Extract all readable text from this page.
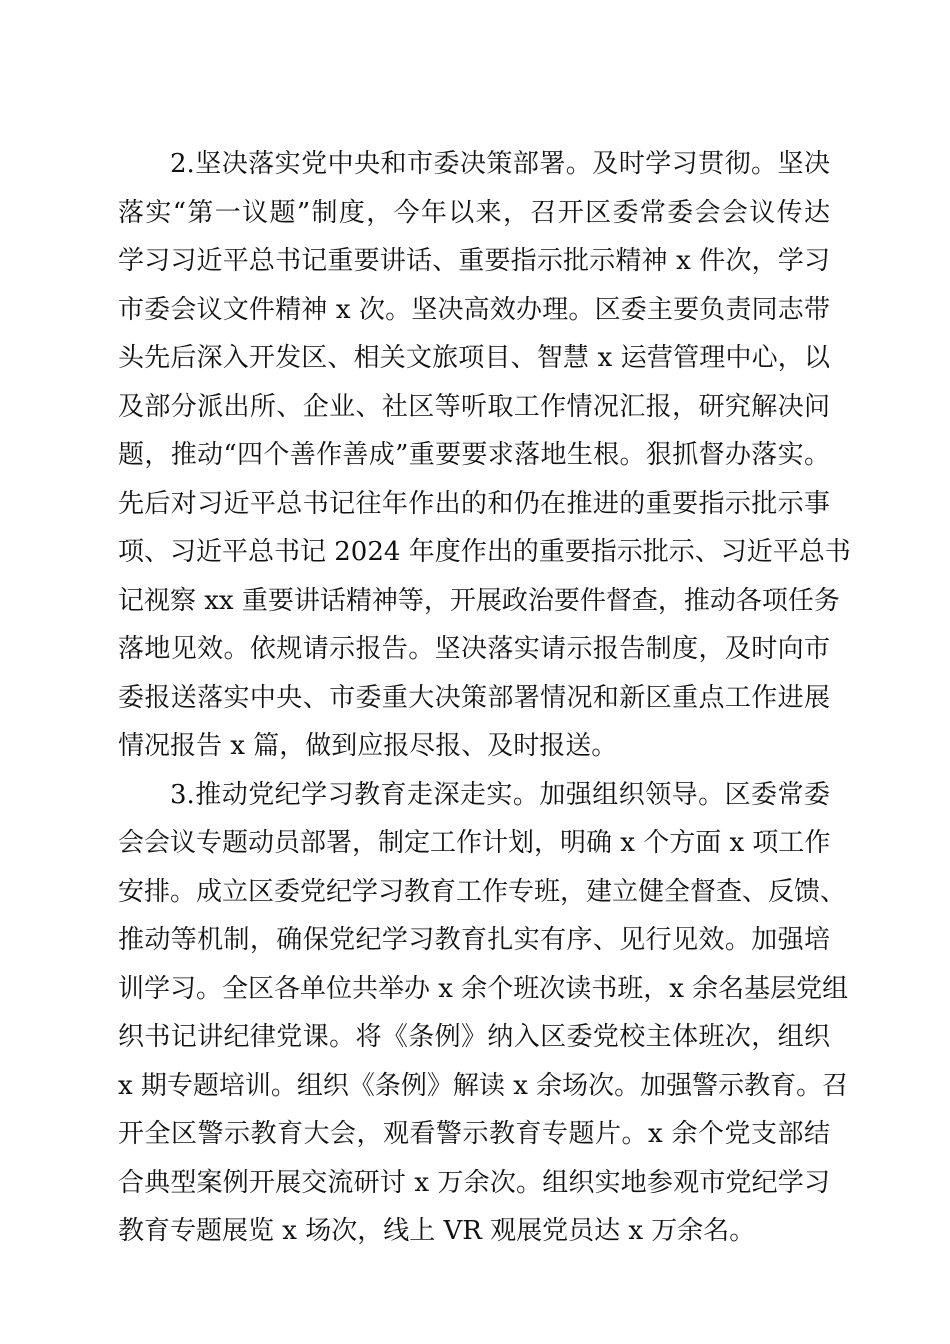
2.坚决落实党中央和市委决策部署。及时学习贯彻。坚决
落实“第一议题”制度，今年以来，召开区委常委会会议传达
学习习近平总书记重要讲话、重要指示批示精神 x 件次，学习
市委会议文件精神 x 次。坚决高效办理。区委主要负责同志带
头先后深入开发区、相关文旅项目、智慧 x 运营管理中心，以
及部分派出所、企业、社区等听取工作情况汇报，研究解决问
题，推动“四个善作善成”重要要求落地生根。狠抓督办落实。
先后对习近平总书记往年作出的和仍在推进的重要指示批示事
项、习近平总书记 2024 年度作出的重要指示批示、习近平总书
记视察 xx 重要讲话精神等，开展政治要件督查，推动各项任务
落地见效。依规请示报告。坚决落实请示报告制度，及时向市
委报送落实中央、市委重大决策部署情况和新区重点工作进展
情况报告 x 篇，做到应报尽报、及时报送。
3.推动党纪学习教育走深走实。加强组织领导。区委常委
会会议专题动员部署，制定工作计划，明确 x 个方面 x 项工作
安排。成立区委党纪学习教育工作专班，建立健全督查、反馈、
推动等机制，确保党纪学习教育扎实有序、见行见效。加强培
训学习。全区各单位共举办 x 余个班次读书班，x 余名基层党组
织书记讲纪律党课。将《条例》纳入区委党校主体班次，组织
x 期专题培训。组织《条例》解读 x 余场次。加强警示教育。召
开全区警示教育大会，观看警示教育专题片。x 余个党支部结
合典型案例开展交流研讨 x 万余次。组织实地参观市党纪学习
教育专题展览 x 场次，线上 VR 观展党员达 x 万余名。
